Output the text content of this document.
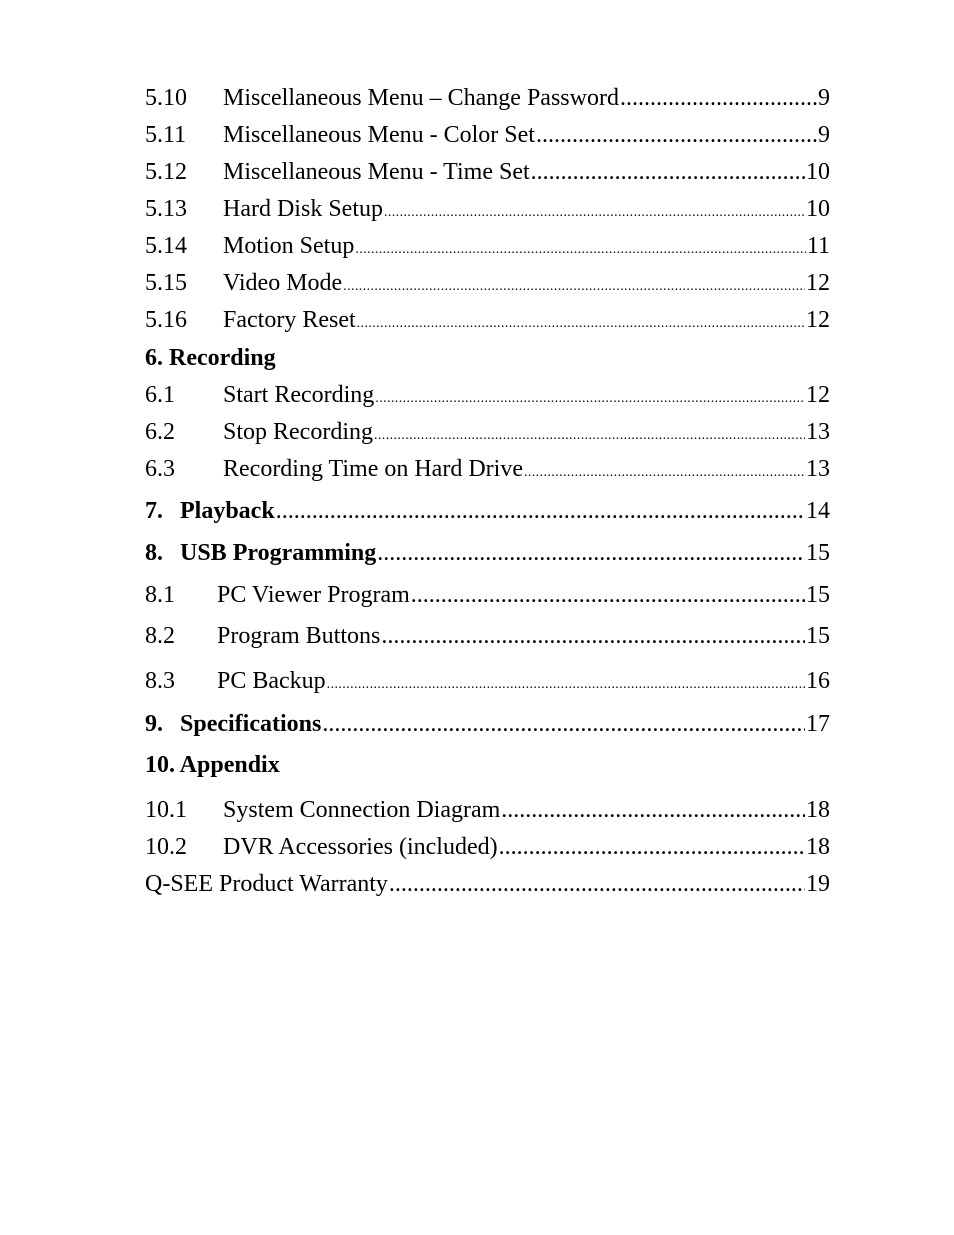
5.10	Miscellaneous Menu – Change Password .....	9
5.11	Miscellaneous Menu - Color Set .....	9
5.12	Miscellaneous Menu - Time Set .....	10
5.13	Hard Disk Setup .....	10
5.14	Motion Setup .....	11
5.15	Video Mode .....	12
5.16	Factory Reset .....	12
6. Recording
6.1	Start Recording .....	12
6.2	Stop Recording .....	13
6.3	Recording Time on Hard Drive .....	13
7. Playback .....	14
8. USB Programming .....	15
8.1	PC Viewer Program .....	15
8.2	Program Buttons .....	15
8.3	PC Backup .....	16
9. Specifications .....	17
10. Appendix
10.1	System Connection Diagram .....	18
10.2	DVR Accessories (included) .....	18
Q-SEE Product Warranty .....	19
